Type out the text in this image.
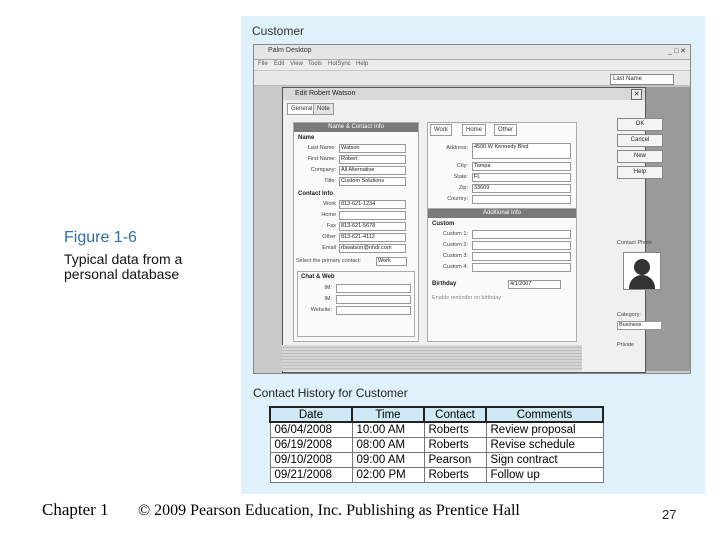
Customer
Palm Desktop	_ □ ✕
File Edit View Tools HotSync Help
Last Name
Edit Robert Watson	✕
General Note
Name & Contact Info
Name
Last Name: Watson
First Name: Robert
Company: All Alternative
Title: Custom Solutions
Contact Info
Work 813-621-1234
Home
Fax 813-621-5678
Other 813-621-4112
Email rbwatson@nhdr.com
Select the primary contact:	Work
Chat & Web
IM:
IM:
Website:
Work	Home	Other
Address:	4500 W Kennedy Blvd
City:	Tampa
State:	FL
Zip:	33609
Country:
Additional Info
Custom
Custom 1:
Custom 2:
Custom 3:
Custom 4:
Birthday	4/1/2007
Enable reminder on birthday
OK
Cancel
New
Help
Contact Photo
Category:
Business
Private
Figure 1-6
Typical data from a personal database
Contact History for Customer
Date	Time	Contact	Comments
06/04/2008	10:00 AM	Roberts	Review proposal
06/19/2008	08:00 AM	Roberts	Revise schedule
09/10/2008	09:00 AM	Pearson	Sign contract
09/21/2008	02:00 PM	Roberts	Follow up
Chapter 1 © 2009 Pearson Education, Inc. Publishing as Prentice Hall	27
